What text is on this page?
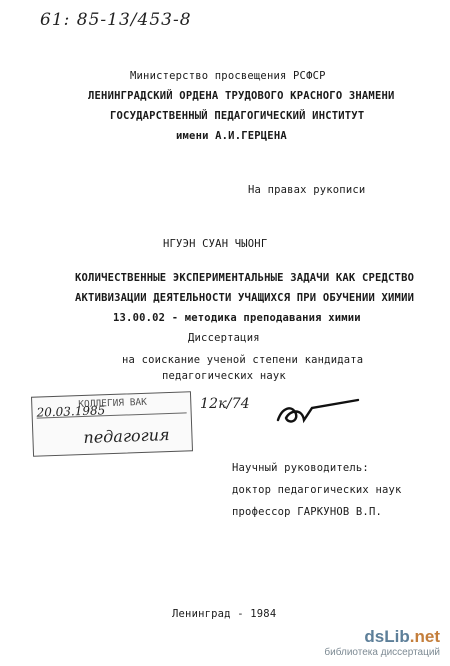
61: 85-13/453-8
Министерство просвещения РСФСР
ЛЕНИНГРАДСКИЙ ОРДЕНА ТРУДОВОГО КРАСНОГО ЗНАМЕНИ
ГОСУДАРСТВЕННЫЙ ПЕДАГОГИЧЕСКИЙ ИНСТИТУТ
имени А.И.ГЕРЦЕНА
На правах рукописи
НГУЭН СУАН ЧЫОНГ
КОЛИЧЕСТВЕННЫЕ ЭКСПЕРИМЕНТАЛЬНЫЕ ЗАДАЧИ КАК СРЕДСТВО
АКТИВИЗАЦИИ ДЕЯТЕЛЬНОСТИ УЧАЩИХСЯ ПРИ ОБУЧЕНИИ ХИМИИ
13.00.02 - методика преподавания химии
Диссертация
на соискание ученой степени кандидата
педагогических наук
КОЛЛЕГИЯ ВАК
20.03.1985
педагогия
12к/74
Научный руководитель:
доктор педагогических наук
профессор ГАРКУНОВ В.П.
Ленинград - 1984
dsLib.net
библиотека диссертаций
